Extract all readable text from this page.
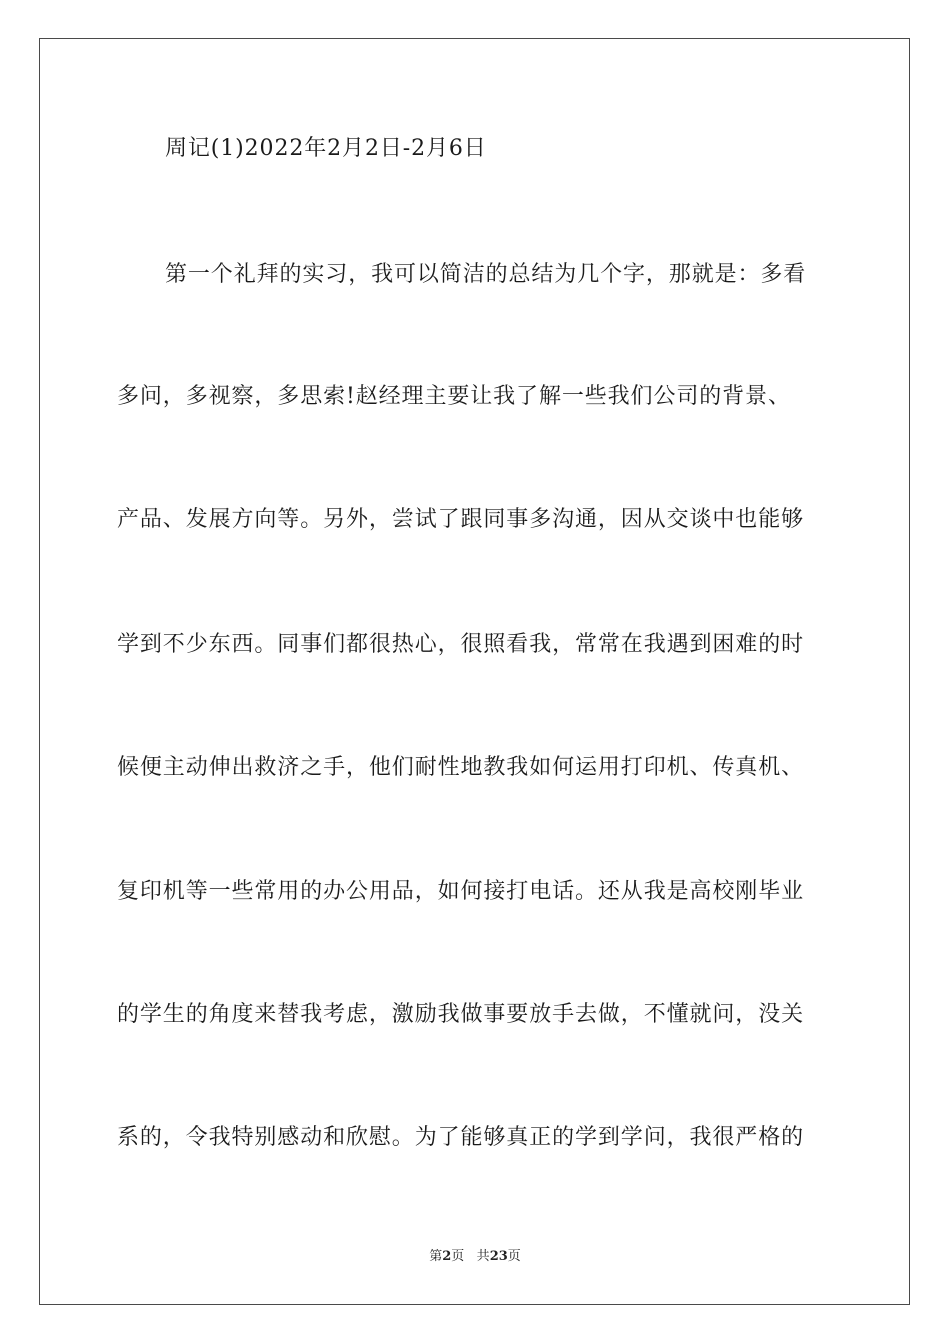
周记(1)2022年2月2日-2月6日
第一个礼拜的实习，我可以简洁的总结为几个字，那就是：多看
多问，多视察，多思索!赵经理主要让我了解一些我们公司的背景、
产品、发展方向等。另外，尝试了跟同事多沟通，因从交谈中也能够
学到不少东西。同事们都很热心，很照看我，常常在我遇到困难的时
候便主动伸出救济之手，他们耐性地教我如何运用打印机、传真机、
复印机等一些常用的办公用品，如何接打电话。还从我是高校刚毕业
的学生的角度来替我考虑，激励我做事要放手去做，不懂就问，没关
系的，令我特别感动和欣慰。为了能够真正的学到学问，我很严格的
第2页 共23页
